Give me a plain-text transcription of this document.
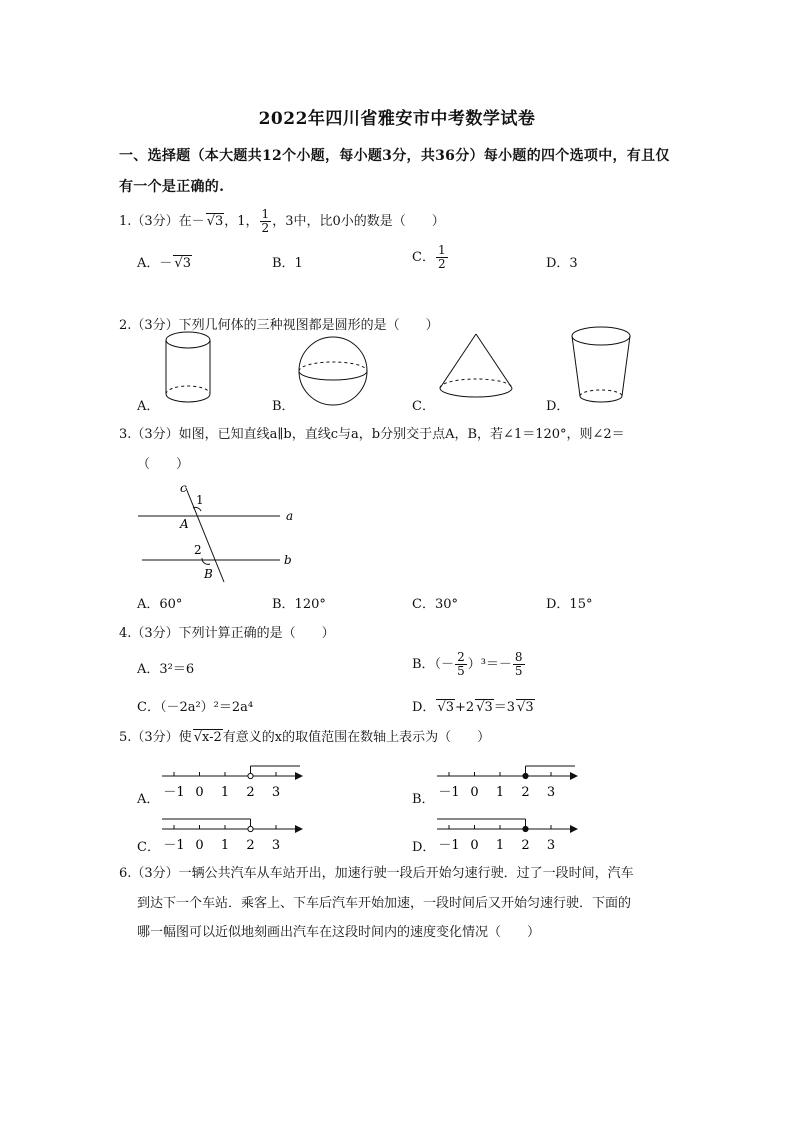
2022年四川省雅安市中考数学试卷
一、选择题（本大题共12个小题，每小题3分，共36分）每小题的四个选项中，有且仅
有一个是正确的.
1.（3分）在－ √3，1， $\frac{1}{2}$ ，3中，比0小的数是（　　）
A．－ √3	B．1	C． $\frac{1}{2}$	D．3
2.（3分）下列几何体的三种视图都是圆形的是（　　）
A．	B．	C．	D．
3.（3分）如图，已知直线a∥b，直线c与a，b分别交于点A，B，若∠1＝120°，则∠2＝
（　　）
c
1
A
a
2
B
b
A．60°	B．120°	C．30°	D．15°
4.（3分）下列计算正确的是（　　）
A．3²＝6	B．（－ $\frac{2}{5} )^3=- \frac{8}{5}$
C．（－2a²）²＝2a⁴	D． √3+2 √3＝3 √3
5.（3分）使 √x-2有意义的x的取值范围在数轴上表示为（　　）
A． －1 0 1 2 3	B． －1 0 1 2 3
C． －1 0 1 2 3	D． －1 0 1 2 3
6.（3分）一辆公共汽车从车站开出，加速行驶一段后开始匀速行驶．过了一段时间，汽车
到达下一个车站．乘客上、下车后汽车开始加速，一段时间后又开始匀速行驶．下面的
哪一幅图可以近似地刻画出汽车在这段时间内的速度变化情况（　　）
